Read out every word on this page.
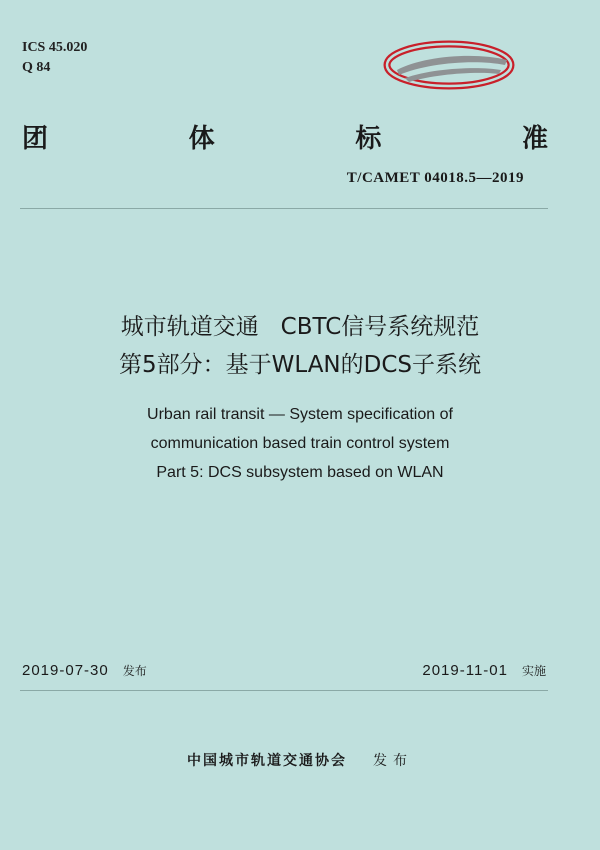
ICS 45.020
Q 84
团	体	标	准
T/CAMET 04018.5—2019
城市轨道交通   CBTC信号系统规范
第5部分：基于WLAN的DCS子系统
Urban rail transit — System specification of
communication based train control system
Part 5: DCS subsystem based on WLAN
2019-07-30 发布	2019-11-01 实施
中国城市轨道交通协会 发布
